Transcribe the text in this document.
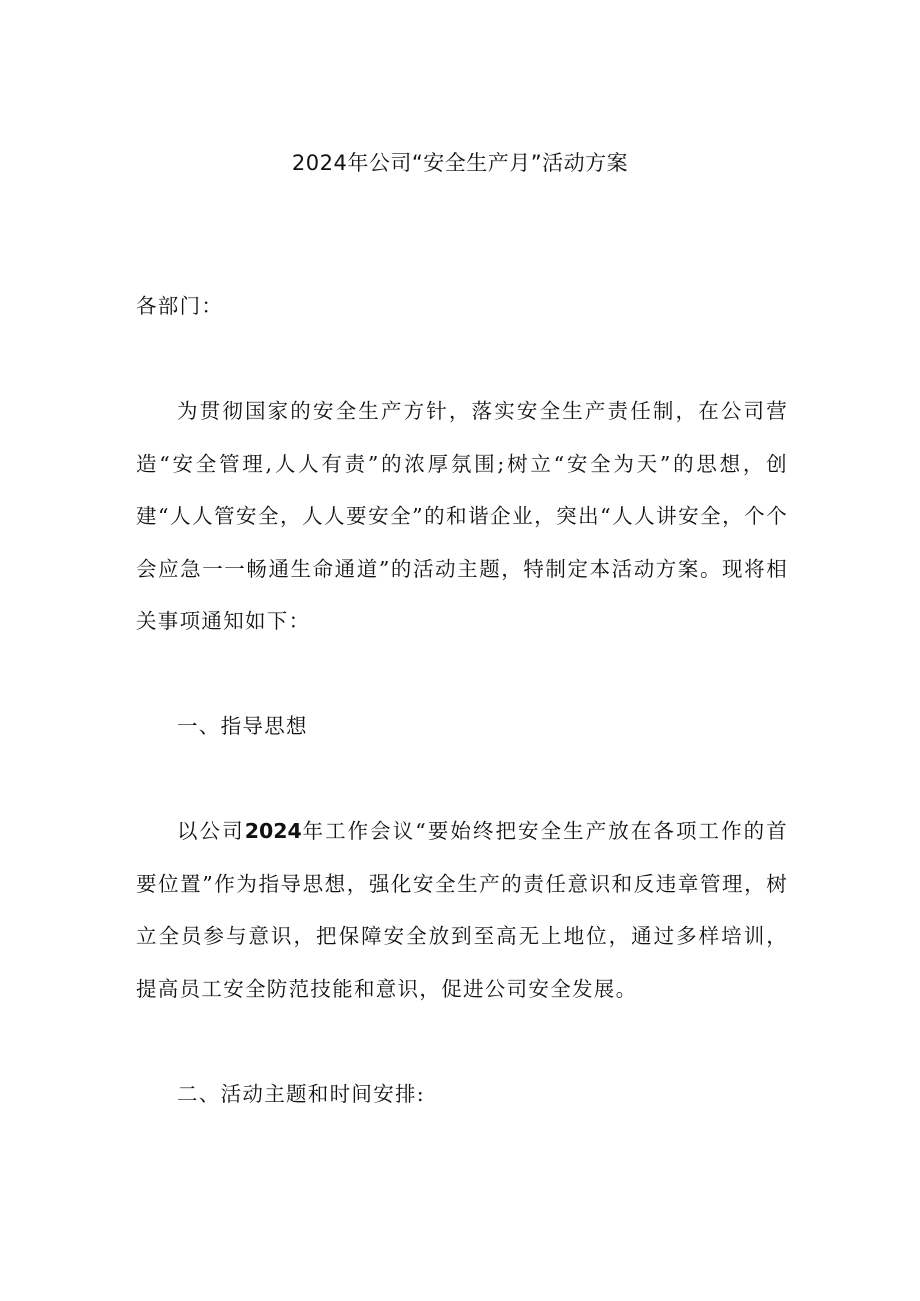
2024年公司“安全生产月”活动方案

各部门：

为贯彻国家的安全生产方针，落实安全生产责任制，在公司营造“安全管理,人人有责”的浓厚氛围;树立“安全为天”的思想，创建“人人管安全，人人要安全”的和谐企业，突出“人人讲安全，个个会应急一一畅通生命通道”的活动主题，特制定本活动方案。现将相关事项通知如下：

一、指导思想

以公司2024年工作会议“要始终把安全生产放在各项工作的首要位置”作为指导思想，强化安全生产的责任意识和反违章管理，树立全员参与意识，把保障安全放到至高无上地位，通过多样培训，提高员工安全防范技能和意识，促进公司安全发展。

二、活动主题和时间安排:
